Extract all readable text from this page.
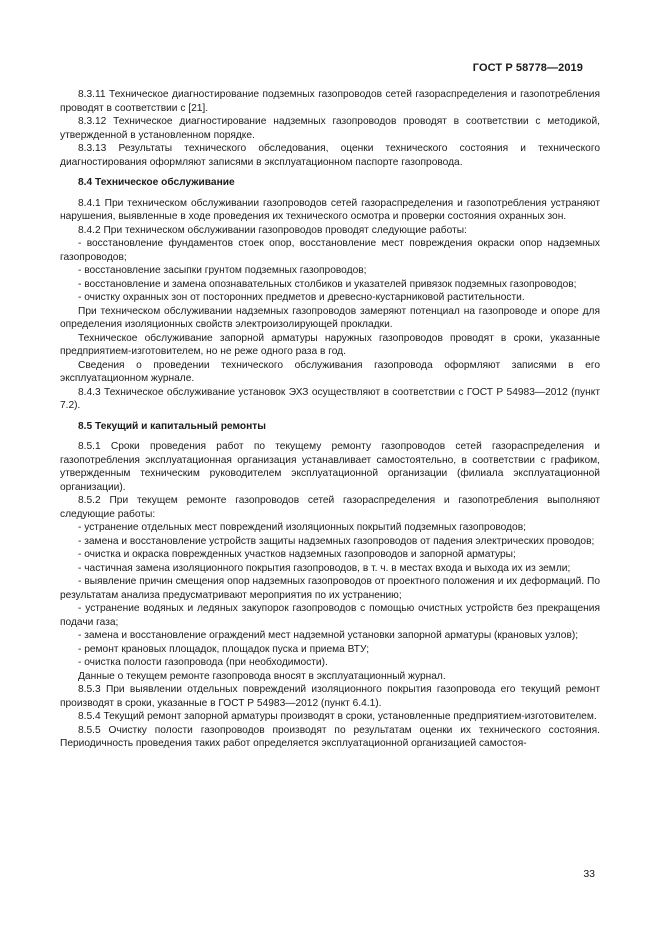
ГОСТ Р 58778—2019

8.3.11 Техническое диагностирование подземных газопроводов сетей газораспределения и газопотребления проводят в соответствии с [21].

8.3.12 Техническое диагностирование надземных газопроводов проводят в соответствии с методикой, утвержденной в установленном порядке.

8.3.13 Результаты технического обследования, оценки технического состояния и технического диагностирования оформляют записями в эксплуатационном паспорте газопровода.

8.4 Техническое обслуживание

8.4.1 При техническом обслуживании газопроводов сетей газораспределения и газопотребления устраняют нарушения, выявленные в ходе проведения их технического осмотра и проверки состояния охранных зон.

8.4.2 При техническом обслуживании газопроводов проводят следующие работы:

- восстановление фундаментов стоек опор, восстановление мест повреждения окраски опор надземных газопроводов;

- восстановление засыпки грунтом подземных газопроводов;

- восстановление и замена опознавательных столбиков и указателей привязок подземных газопроводов;

- очистку охранных зон от посторонних предметов и древесно-кустарниковой растительности.

При техническом обслуживании надземных газопроводов замеряют потенциал на газопроводе и опоре для определения изоляционных свойств электроизолирующей прокладки.

Техническое обслуживание запорной арматуры наружных газопроводов проводят в сроки, указанные предприятием-изготовителем, но не реже одного раза в год.

Сведения о проведении технического обслуживания газопровода оформляют записями в его эксплуатационном журнале.

8.4.3 Техническое обслуживание установок ЭХЗ осуществляют в соответствии с ГОСТ Р 54983—2012 (пункт 7.2).

8.5 Текущий и капитальный ремонты

8.5.1 Сроки проведения работ по текущему ремонту газопроводов сетей газораспределения и газопотребления эксплуатационная организация устанавливает самостоятельно, в соответствии с графиком, утвержденным техническим руководителем эксплуатационной организации (филиала эксплуатационной организации).

8.5.2 При текущем ремонте газопроводов сетей газораспределения и газопотребления выполняют следующие работы:

- устранение отдельных мест повреждений изоляционных покрытий подземных газопроводов;

- замена и восстановление устройств защиты надземных газопроводов от падения электрических проводов;

- очистка и окраска поврежденных участков надземных газопроводов и запорной арматуры;

- частичная замена изоляционного покрытия газопроводов, в т. ч. в местах входа и выхода их из земли;

- выявление причин смещения опор надземных газопроводов от проектного положения и их деформаций. По результатам анализа предусматривают мероприятия по их устранению;

- устранение водяных и ледяных закупорок газопроводов с помощью очистных устройств без прекращения подачи газа;

- замена и восстановление ограждений мест надземной установки запорной арматуры (крановых узлов);

- ремонт крановых площадок, площадок пуска и приема ВТУ;

- очистка полости газопровода (при необходимости).

Данные о текущем ремонте газопровода вносят в эксплуатационный журнал.

8.5.3 При выявлении отдельных повреждений изоляционного покрытия газопровода его текущий ремонт производят в сроки, указанные в ГОСТ Р 54983—2012 (пункт 6.4.1).

8.5.4 Текущий ремонт запорной арматуры производят в сроки, установленные предприятием-изготовителем.

8.5.5 Очистку полости газопроводов производят по результатам оценки их технического состояния. Периодичность проведения таких работ определяется эксплуатационной организацией самостоя-

33
